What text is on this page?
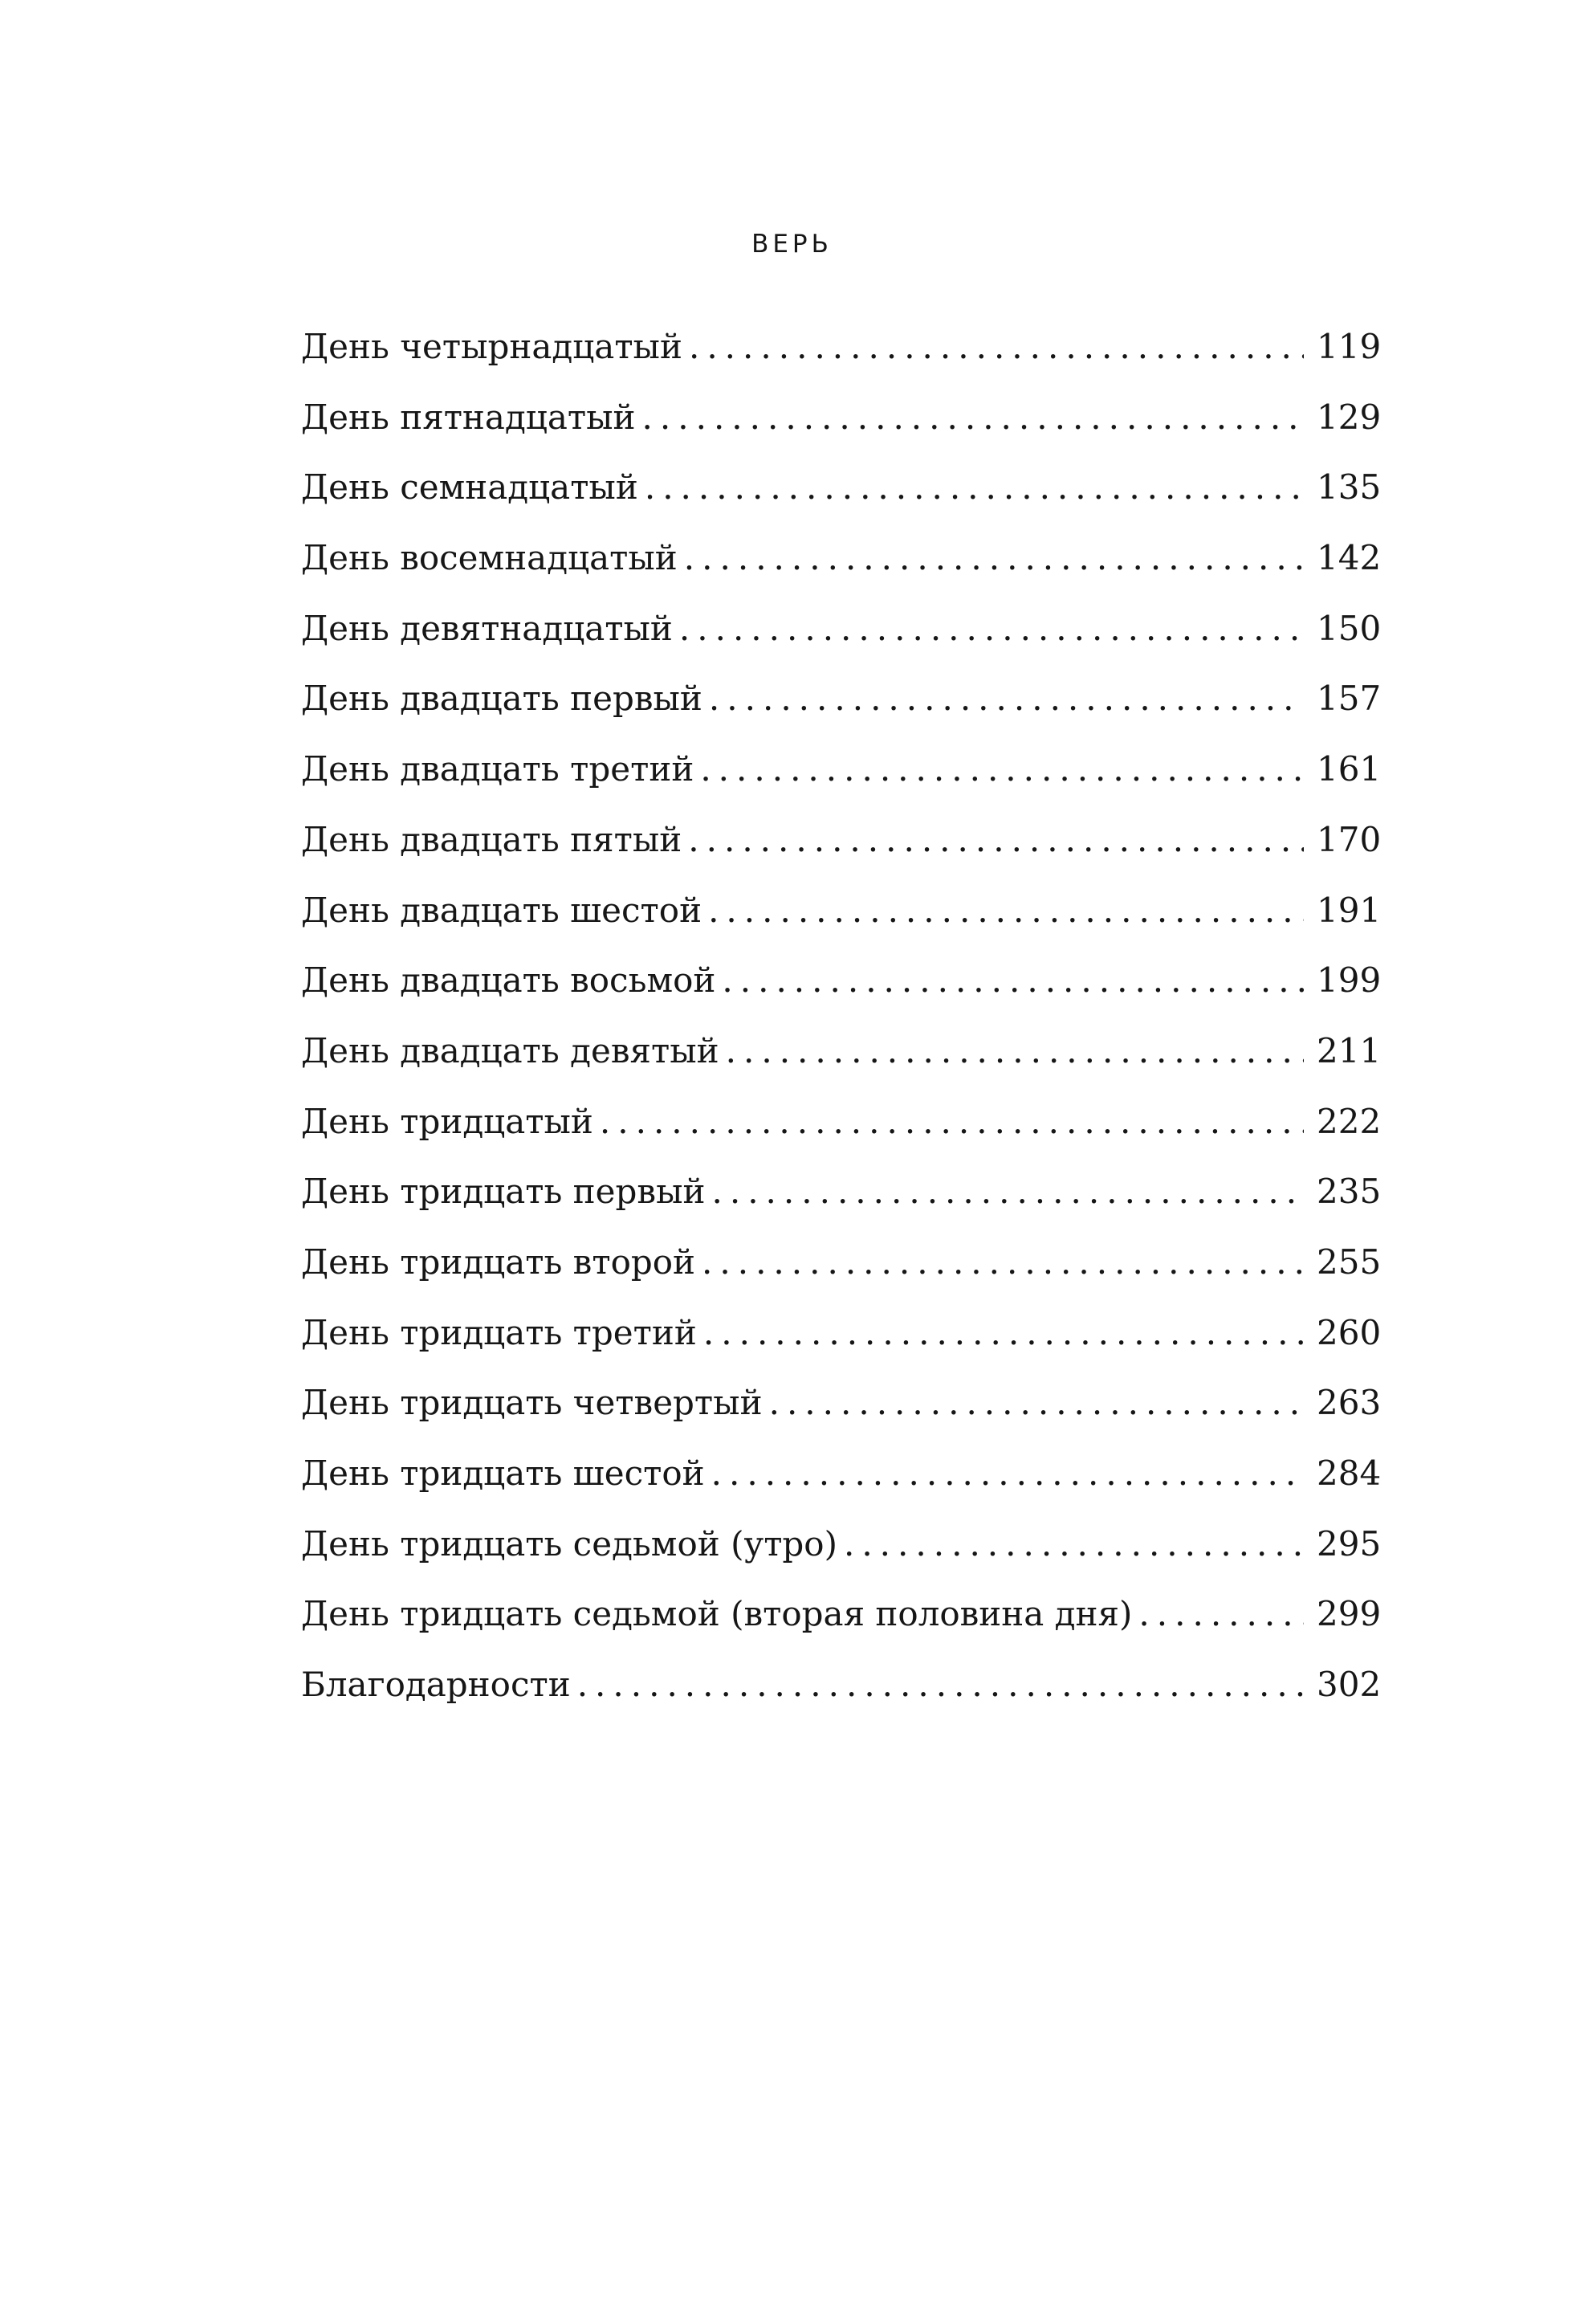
ВЕРЬ
День четырнадцатый .....	119
День пятнадцатый .....	129
День семнадцатый .....	135
День восемнадцатый .....	142
День девятнадцатый .....	150
День двадцать первый .....	157
День двадцать третий .....	161
День двадцать пятый .....	170
День двадцать шестой .....	191
День двадцать восьмой .....	199
День двадцать девятый .....	211
День тридцатый .....	222
День тридцать первый .....	235
День тридцать второй .....	255
День тридцать третий .....	260
День тридцать четвертый .....	263
День тридцать шестой .....	284
День тридцать седьмой (утро) .....	295
День тридцать седьмой (вторая половина дня) .....	299
Благодарности .....	302
